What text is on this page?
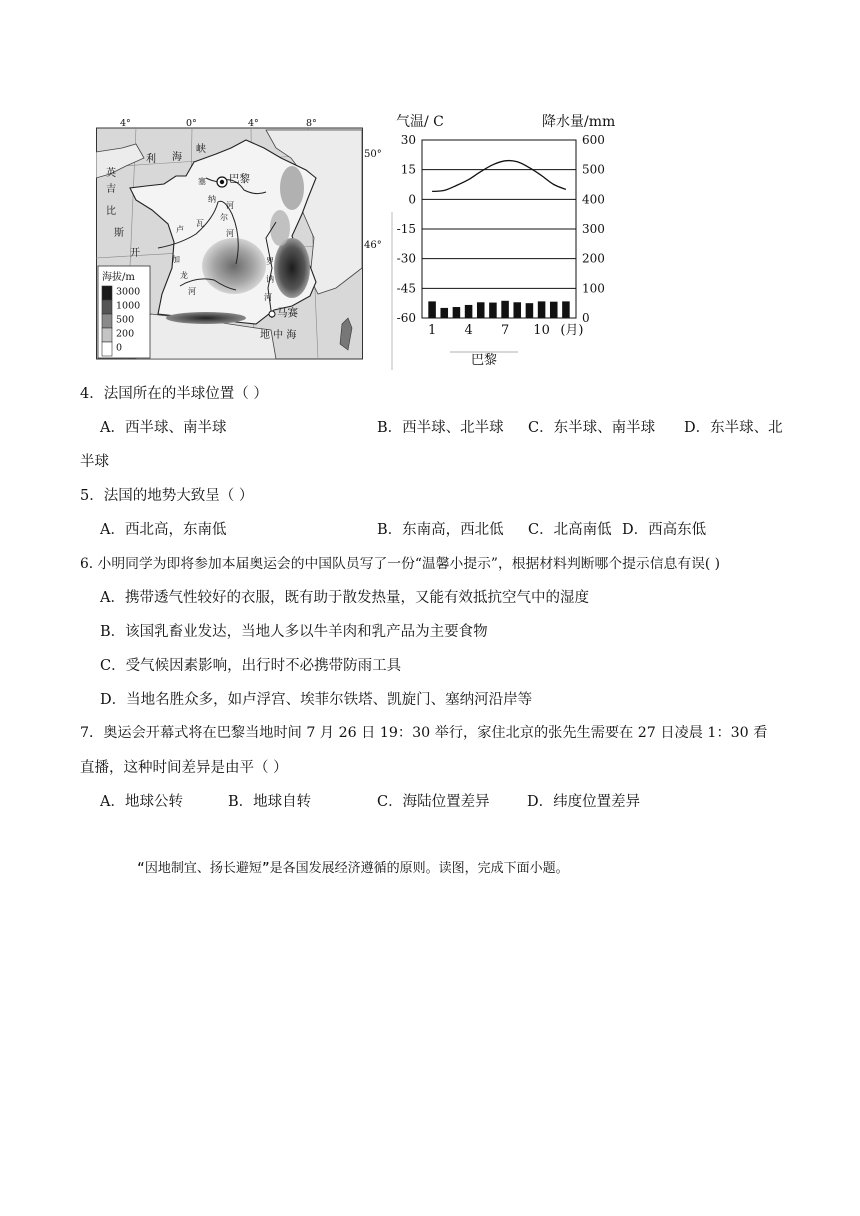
4°	0°	4°	8°
利 海
峡
英
吉
比
斯
开
塞
纳
河
卢
瓦
尔
河
加
龙
河
罗
讷
河
巴黎
马赛
地 中 海
海拔/m
3000
1000
500
200
0
50°
46°
气温/ C	降水量/mm
30
15
0
-15
-30
-45
-60
600
500
400
300
200
100
0
1 4 7 10 (月)
巴黎
4．法国所在的半球位置（ ）
A．西半球、南半球	B．西半球、北半球 C．东半球、南半球 D．东半球、北
半球
5．法国的地势大致呈（ ）
A．西北高，东南低	B．东南高，西北低 C．北高南低 D．西高东低
6. 小明同学为即将参加本届奥运会的中国队员写了一份“温馨小提示”，根据材料判断哪个提示信息有误( )
A．携带透气性较好的衣服，既有助于散发热量，又能有效抵抗空气中的湿度
B．该国乳畜业发达，当地人多以牛羊肉和乳产品为主要食物
C．受气候因素影响，出行时不必携带防雨工具
D．当地名胜众多，如卢浮宫、埃菲尔铁塔、凯旋门、塞纳河沿岸等
7．奥运会开幕式将在巴黎当地时间 7 月 26 日 19：30 举行，家住北京的张先生需要在 27 日凌晨 1：30 看
直播，这种时间差异是由平（ ）
A．地球公转	B．地球自转	C．海陆位置差异	D．纬度位置差异
“因地制宜、扬长避短”是各国发展经济遵循的原则。读图，完成下面小题。
